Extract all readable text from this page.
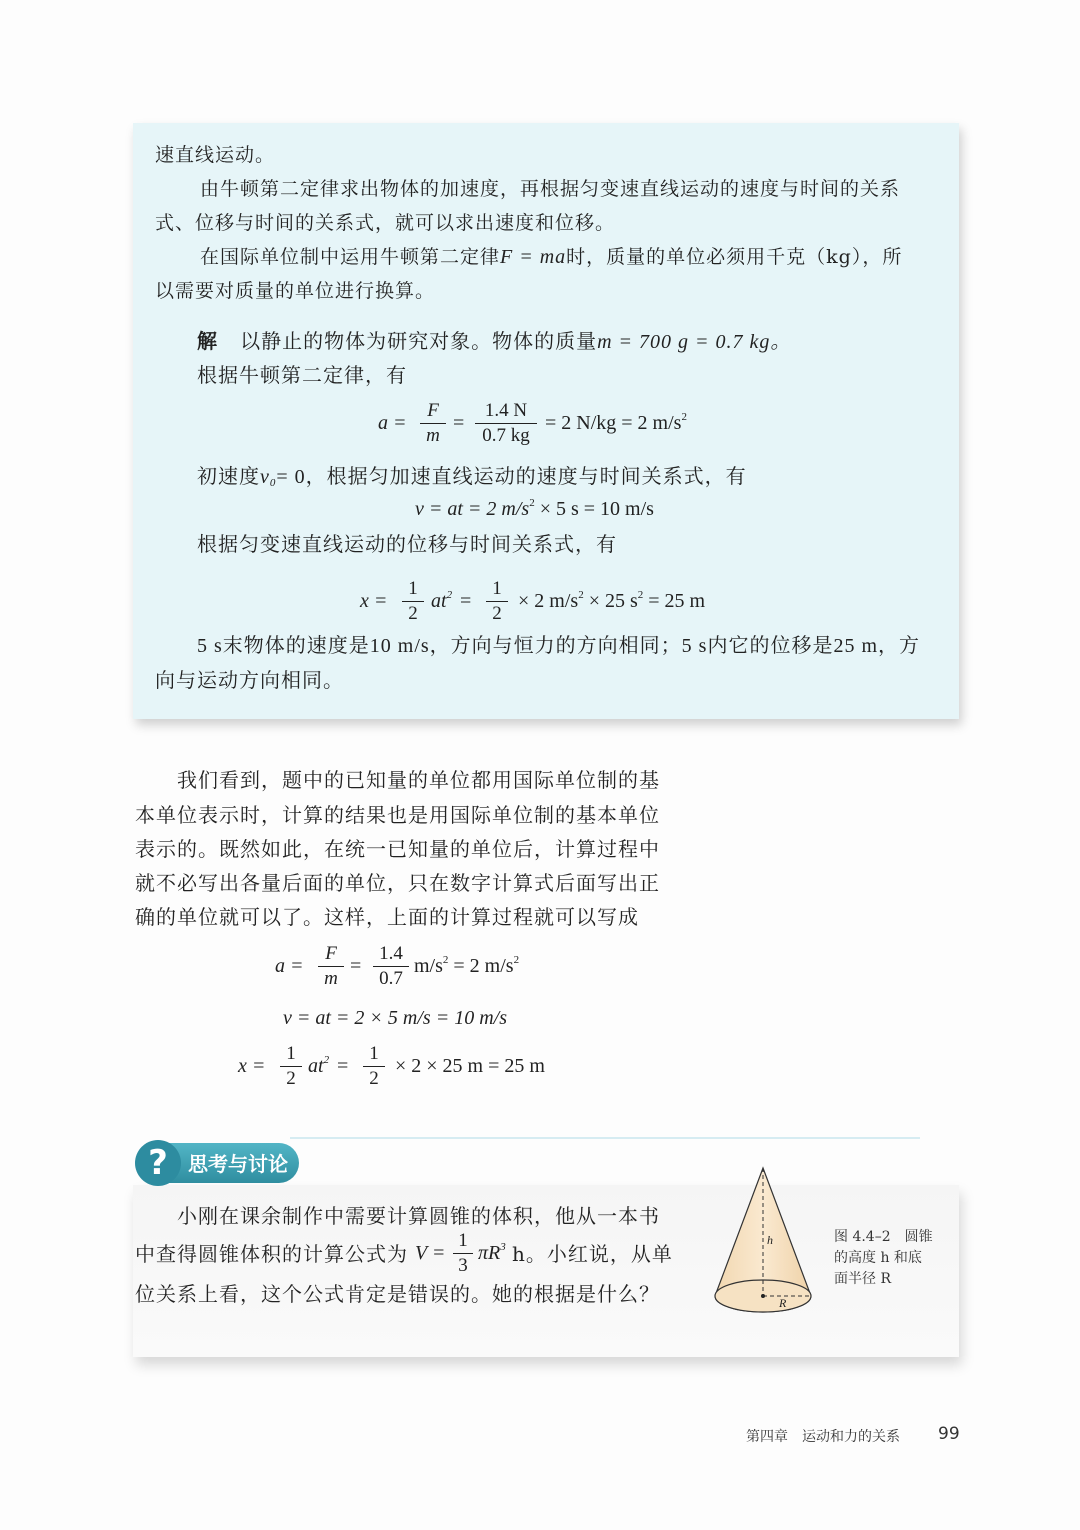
速直线运动。
由牛顿第二定律求出物体的加速度，再根据匀变速直线运动的速度与时间的关系
式、位移与时间的关系式，就可以求出速度和位移。
在国际单位制中运用牛顿第二定律F = ma时，质量的单位必须用千克（kg），所
以需要对质量的单位进行换算。
解 以静止的物体为研究对象。物体的质量m = 700 g = 0.7 kg。
根据牛顿第二定律，有
a =
F
m
=
1.4 N
0.7 kg
= 2 N/kg = 2 $m/s^2$
初速度$v_0= 0$，根据匀加速直线运动的速度与时间关系式，有
v = at = 2 $m/s^2 \times 5$ s = 10 m/s
根据匀变速直线运动的位移与时间关系式，有
x =
1
2
$at^2$ =
1
2
× 2 $m/s^2 \times 25$ $s^2 = 25$ m
5 s末物体的速度是10 m/s，方向与恒力的方向相同；5 s内它的位移是25 m，方
向与运动方向相同。
我们看到，题中的已知量的单位都用国际单位制的基
本单位表示时，计算的结果也是用国际单位制的基本单位
表示的。既然如此，在统一已知量的单位后，计算过程中
就不必写出各量后面的单位，只在数字计算式后面写出正
确的单位就可以了。这样，上面的计算过程就可以写成
a =
F
m
=
1.4
0.7
$m/s^2 = 2$ $m/s^2$
v = at = 2 × 5 m/s = 10 m/s
x =
1
2
$at^2$ =
1
2
× 2 × 25 m = 25 m
?	思考与讨论
小刚在课余制作中需要计算圆锥的体积，他从一本书
中查得圆锥体积的计算公式为 V =
1
3
$\pi R^3$ h。小红说，从单
位关系上看，这个公式肯定是错误的。她的根据是什么？
h
R
图 4.4–2　圆锥
的高度 h 和底
面半径 R
第四章　运动和力的关系 99
